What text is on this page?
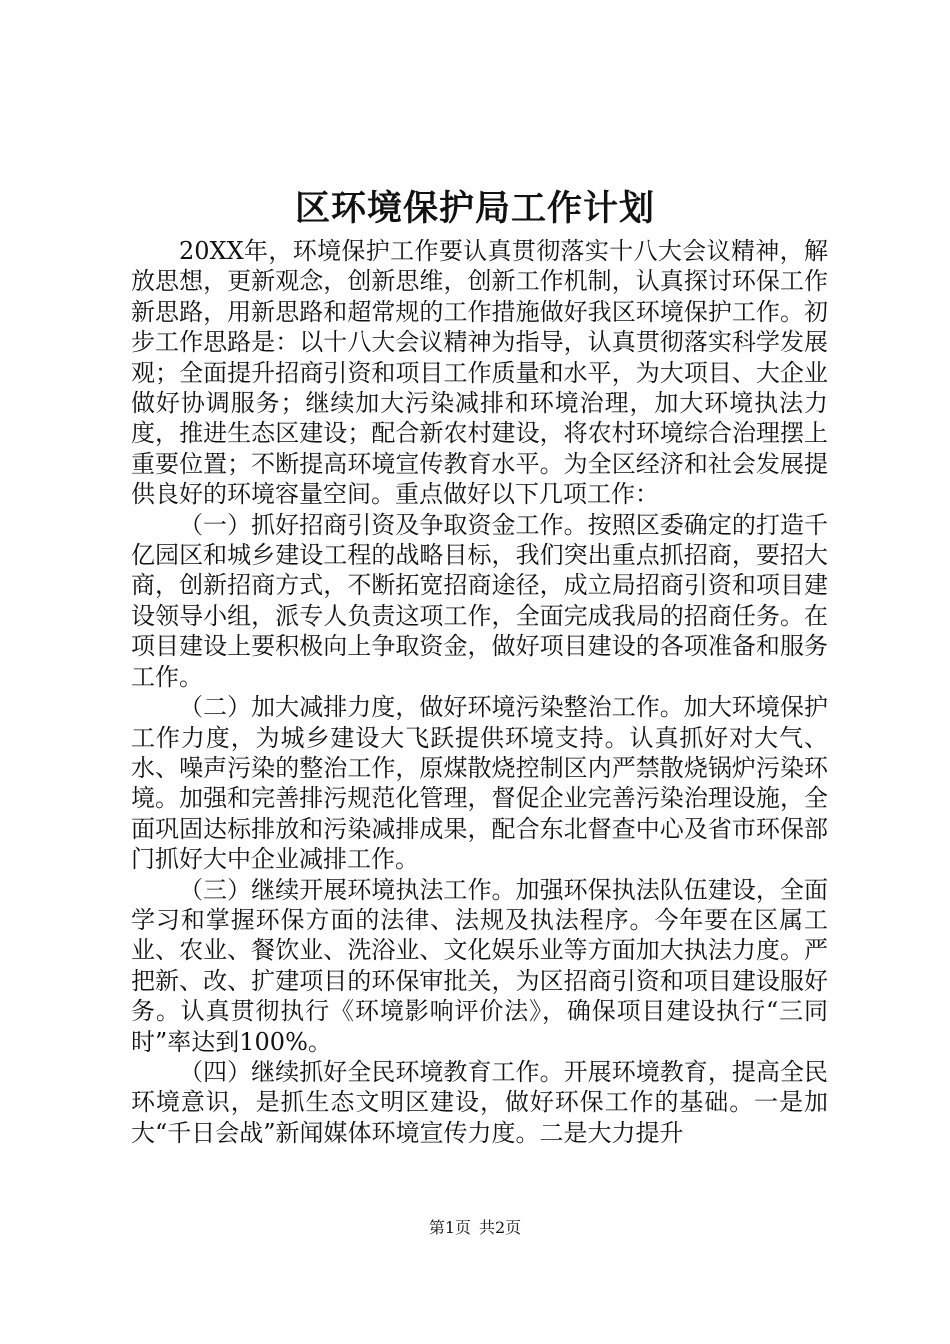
区环境保护局工作计划

20XX年，环境保护工作要认真贯彻落实十八大会议精神，解放思想，更新观念，创新思维，创新工作机制，认真探讨环保工作新思路，用新思路和超常规的工作措施做好我区环境保护工作。初步工作思路是：以十八大会议精神为指导，认真贯彻落实科学发展观；全面提升招商引资和项目工作质量和水平，为大项目、大企业做好协调服务；继续加大污染减排和环境治理，加大环境执法力度，推进生态区建设；配合新农村建设，将农村环境综合治理摆上重要位置；不断提高环境宣传教育水平。为全区经济和社会发展提供良好的环境容量空间。重点做好以下几项工作：

（一）抓好招商引资及争取资金工作。按照区委确定的打造千亿园区和城乡建设工程的战略目标，我们突出重点抓招商，要招大商，创新招商方式，不断拓宽招商途径，成立局招商引资和项目建设领导小组，派专人负责这项工作，全面完成我局的招商任务。在项目建设上要积极向上争取资金，做好项目建设的各项准备和服务工作。

（二）加大减排力度，做好环境污染整治工作。加大环境保护工作力度，为城乡建设大飞跃提供环境支持。认真抓好对大气、水、噪声污染的整治工作，原煤散烧控制区内严禁散烧锅炉污染环境。加强和完善排污规范化管理，督促企业完善污染治理设施，全面巩固达标排放和污染减排成果，配合东北督查中心及省市环保部门抓好大中企业减排工作。

（三）继续开展环境执法工作。加强环保执法队伍建设，全面学习和掌握环保方面的法律、法规及执法程序。今年要在区属工业、农业、餐饮业、洗浴业、文化娱乐业等方面加大执法力度。严把新、改、扩建项目的环保审批关，为区招商引资和项目建设服好务。认真贯彻执行《环境影响评价法》，确保项目建设执行“三同时”率达到100%。

（四）继续抓好全民环境教育工作。开展环境教育，提高全民环境意识，是抓生态文明区建设，做好环保工作的基础。一是加大“千日会战”新闻媒体环境宣传力度。二是大力提升

第1页 共2页
